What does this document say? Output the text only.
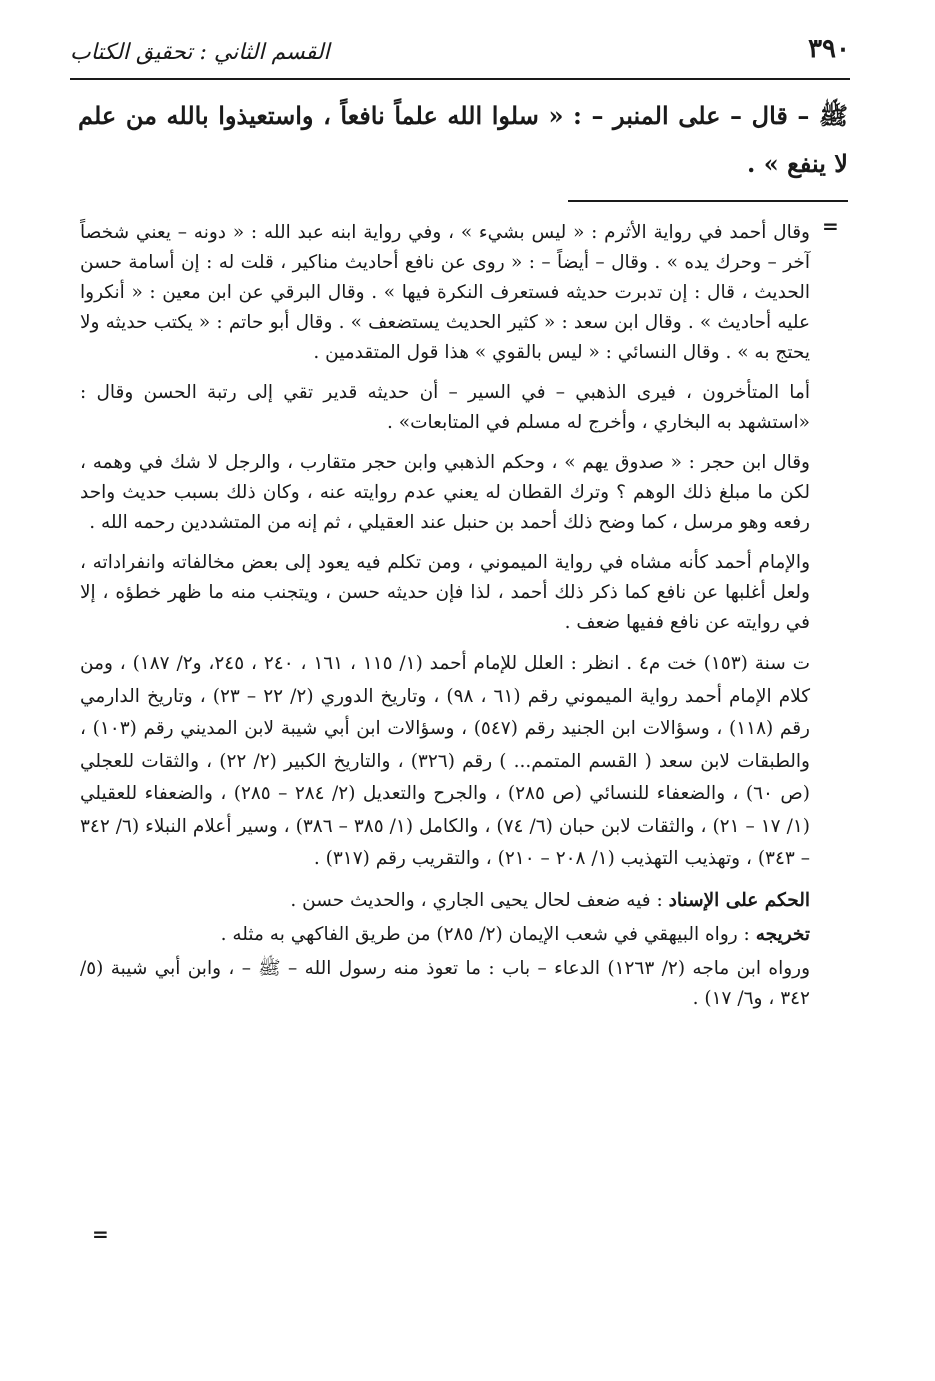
٣٩٠
القسم الثاني : تحقيق الكتاب
ﷺ – قال – على المنبر – : « سلوا الله علماً نافعاً ، واستعيذوا بالله من علم لا ينفع » .
=

وقال أحمد في رواية الأثرم : « ليس بشيء » ، وفي رواية ابنه عبد الله : « دونه – يعني شخصاً آخر – وحرك يده » . وقال – أيضاً – : « روى عن نافع أحاديث مناكير ، قلت له : إن أسامة حسن الحديث ، قال : إن تدبرت حديثه فستعرف النكرة فيها » . وقال البرقي عن ابن معين : « أنكروا عليه أحاديث » . وقال ابن سعد : « كثير الحديث يستضعف » . وقال أبو حاتم : « يكتب حديثه ولا يحتج به » . وقال النسائي : « ليس بالقوي » هذا قول المتقدمين .

أما المتأخرون ، فيرى الذهبي – في السير – أن حديثه قدير تقي إلى رتبة الحسن وقال : «استشهد به البخاري ، وأخرج له مسلم في المتابعات» .

وقال ابن حجر : « صدوق يهم » ، وحكم الذهبي وابن حجر متقارب ، والرجل لا شك في وهمه ، لكن ما مبلغ ذلك الوهم ؟ وترك القطان له يعني عدم روايته عنه ، وكان ذلك بسبب حديث واحد رفعه وهو مرسل ، كما وضح ذلك أحمد بن حنبل عند العقيلي ، ثم إنه من المتشددين رحمه الله .

والإمام أحمد كأنه مشاه في رواية الميموني ، ومن تكلم فيه يعود إلى بعض مخالفاته وانفراداته ، ولعل أغلبها عن نافع كما ذكر ذلك أحمد ، لذا فإن حديثه حسن ، ويتجنب منه ما ظهر خطؤه ، إلا في روايته عن نافع ففيها ضعف .

ت سنة (١٥٣) خت م٤ . انظر : العلل للإمام أحمد (١/ ١١٥ ، ١٦١ ، ٢٤٠ ، ٢٤٥، و٢/ ١٨٧) ، ومن كلام الإمام أحمد رواية الميموني رقم (٦١ ، ٩٨) ، وتاريخ الدوري (٢/ ٢٢ – ٢٣) ، وتاريخ الدارمي رقم (١١٨) ، وسؤالات ابن الجنيد رقم (٥٤٧) ، وسؤالات ابن أبي شيبة لابن المديني رقم (١٠٣) ، والطبقات لابن سعد ( القسم المتمم... ) رقم (٣٢٦) ، والتاريخ الكبير (٢/ ٢٢) ، والثقات للعجلي (ص ٦٠) ، والضعفاء للنسائي (ص ٢٨٥) ، والجرح والتعديل (٢/ ٢٨٤ – ٢٨٥) ، والضعفاء للعقيلي (١/ ١٧ – ٢١) ، والثقات لابن حبان (٦/ ٧٤) ، والكامل (١/ ٣٨٥ – ٣٨٦) ، وسير أعلام النبلاء (٦/ ٣٤٢ – ٣٤٣) ، وتهذيب التهذيب (١/ ٢٠٨ – ٢١٠) ، والتقريب رقم (٣١٧) .

الحكم على الإسناد : فيه ضعف لحال يحيى الجاري ، والحديث حسن .

تخريجه : رواه البيهقي في شعب الإيمان (٢/ ٢٨٥) من طريق الفاكهي به مثله .

ورواه ابن ماجه (٢/ ١٢٦٣) الدعاء – باب : ما تعوذ منه رسول الله – ﷺ – ، وابن أبي شيبة (٥/ ٣٤٢ ، و٦/ ١٧) .

=
